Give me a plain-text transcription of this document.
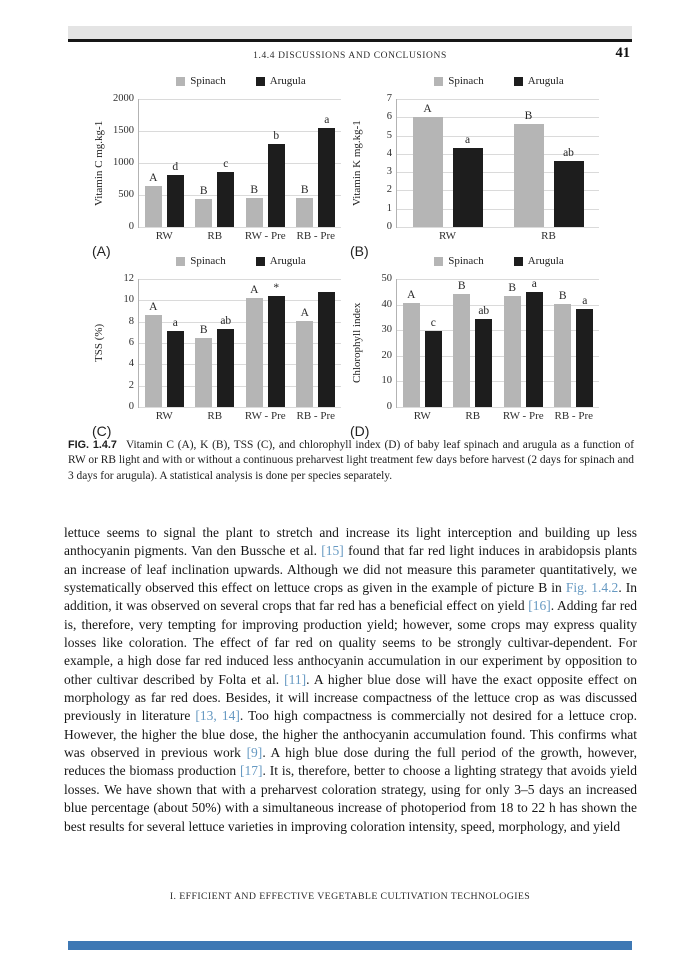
1.4.4 DISCUSSIONS AND CONCLUSIONS	41
Spinach	Arugula
Vitamin C mg.kg-1
0
500
1000
1500
2000
RW
A
d
RB
B
c
RW - Pre
B
b
RB - Pre
B
a
(A)
Spinach	Arugula
Vitamin K mg.kg-1
0
1
2
3
4
5
6
7
RW
A
a
RB
B
ab
(B)
Spinach	Arugula
TSS (%)
0
2
4
6
8
10
12
RW
A
a
RB
B
ab
RW - Pre
A	*
RB - Pre
A
(C)
Spinach	Arugula
Chlorophyll index
0
10
20
30
40
50
RW
A
c
RB
B
ab
RW - Pre
B	a
RB - Pre
B	a
(D)
FIG. 1.4.7 Vitamin C (A), K (B), TSS (C), and chlorophyll index (D) of baby leaf spinach and arugula as a function of RW or RB light and with or without a continuous preharvest light treatment few days before harvest (2 days for spinach and 3 days for arugula). A statistical analysis is done per species separately.
lettuce seems to signal the plant to stretch and increase its light interception and building up less anthocyanin pigments. Van den Bussche et al. [15] found that far red light induces in arabidopsis plants an increase of leaf inclination upwards. Although we did not measure this parameter quantitatively, we systematically observed this effect on lettuce crops as given in the example of picture B in Fig. 1.4.2. In addition, it was observed on several crops that far red has a beneficial effect on yield [16]. Adding far red is, therefore, very tempting for improving production yield; however, some crops may express quality losses like coloration. The effect of far red on quality seems to be strongly cultivar-dependent. For example, a high dose far red induced less anthocyanin accumulation in our experiment by opposition to other cultivar described by Folta et al. [11]. A higher blue dose will have the exact opposite effect on morphology as far red does. Besides, it will increase compactness of the lettuce crop as was discussed previously in literature [13, 14]. Too high compactness is commercially not desired for a lettuce crop. However, the higher the blue dose, the higher the anthocyanin accumulation found. This confirms what was observed in previous work [9]. A high blue dose during the full period of the growth, however, reduces the biomass production [17]. It is, therefore, better to choose a lighting strategy that avoids yield losses. We have shown that with a preharvest coloration strategy, using for only 3–5 days an increased blue percentage (about 50%) with a simultaneous increase of photoperiod from 18 to 22 h has shown the best results for several lettuce varieties in improving coloration intensity, speed, morphology, and yield
I. EFFICIENT AND EFFECTIVE VEGETABLE CULTIVATION TECHNOLOGIES
